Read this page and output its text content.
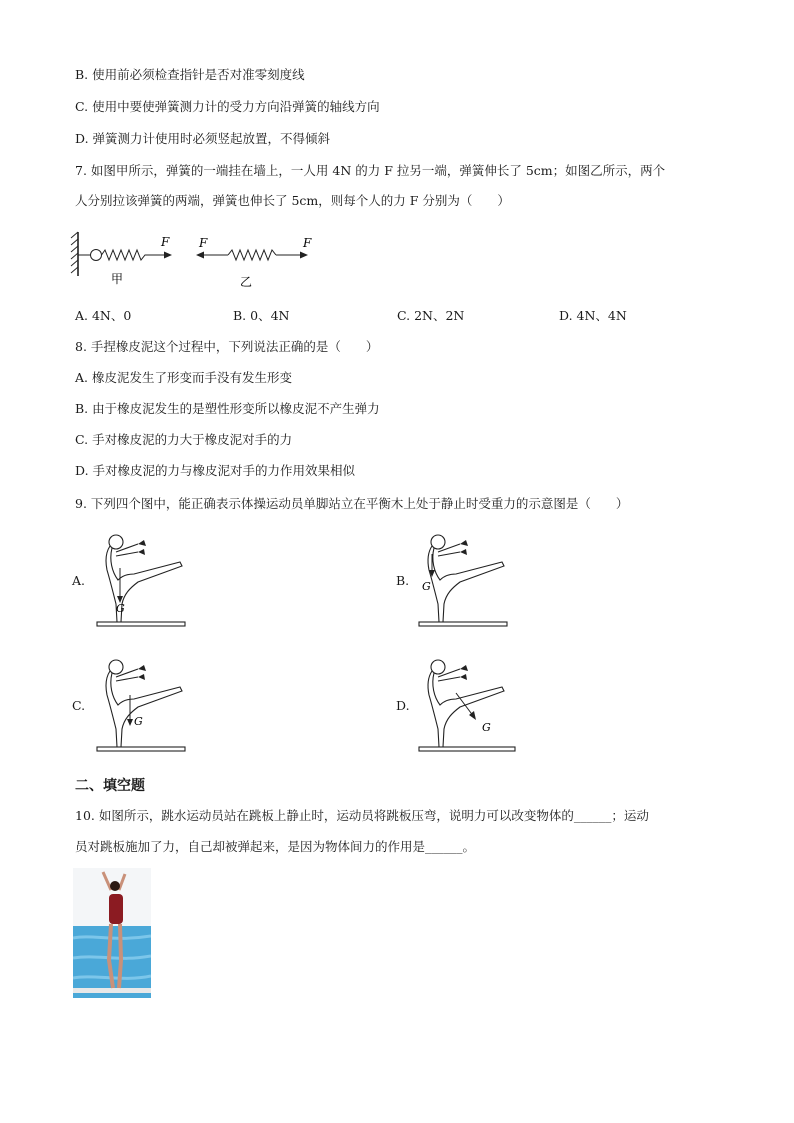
B. 使用前必须检查指针是否对准零刻度线
C. 使用中要使弹簧测力计的受力方向沿弹簧的轴线方向
D. 弹簧测力计使用时必须竖起放置，不得倾斜
7. 如图甲所示，弹簧的一端挂在墙上，一人用 4N 的力 F 拉另一端，弹簧伸长了 5cm；如图乙所示，两个
人分别拉该弹簧的两端，弹簧也伸长了 5cm，则每个人的力 F 分别为（　　）
F
甲
F	F
乙
A. 4N、0	B. 0、4N	C. 2N、2N	D. 4N、4N
8. 手捏橡皮泥这个过程中，下列说法正确的是（　　）
A. 橡皮泥发生了形变而手没有发生形变
B. 由于橡皮泥发生的是塑性形变所以橡皮泥不产生弹力
C. 手对橡皮泥的力大于橡皮泥对手的力
D. 手对橡皮泥的力与橡皮泥对手的力作用效果相似
9. 下列四个图中，能正确表示体操运动员单脚站立在平衡木上处于静止时受重力的示意图是（　　）
A.
G
B. G
C.
G
D.
G
二、填空题
10. 如图所示，跳水运动员站在跳板上静止时，运动员将跳板压弯，说明力可以改变物体的______；运动
员对跳板施加了力，自己却被弹起来，是因为物体间力的作用是______。
